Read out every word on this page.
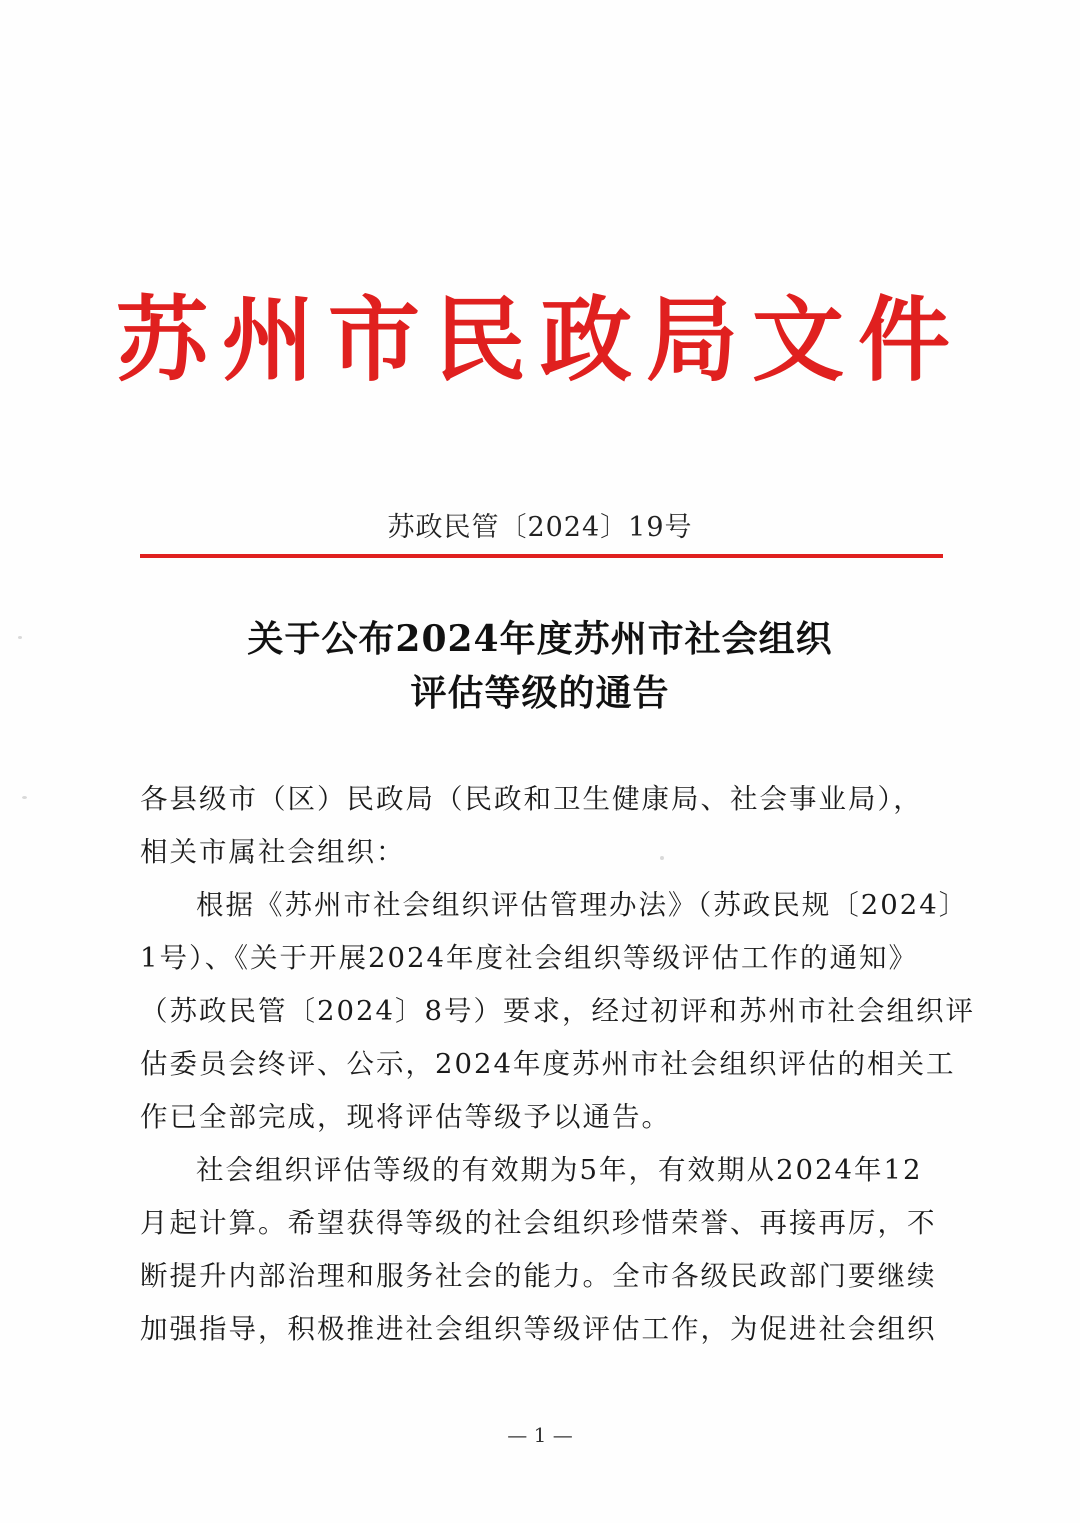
苏州市民政局文件
苏政民管〔2024〕19号
关于公布2024年度苏州市社会组织
评估等级的通告
各县级市（区）民政局（民政和卫生健康局、社会事业局），
相关市属社会组织：
根据《苏州市社会组织评估管理办法》（苏政民规〔2024〕
1号）、《关于开展2024年度社会组织等级评估工作的通知》
（苏政民管〔2024〕8号）要求，经过初评和苏州市社会组织评
估委员会终评、公示，2024年度苏州市社会组织评估的相关工
作已全部完成，现将评估等级予以通告。
社会组织评估等级的有效期为5年，有效期从2024年12
月起计算。希望获得等级的社会组织珍惜荣誉、再接再厉，不
断提升内部治理和服务社会的能力。全市各级民政部门要继续
加强指导，积极推进社会组织等级评估工作，为促进社会组织
— 1 —
